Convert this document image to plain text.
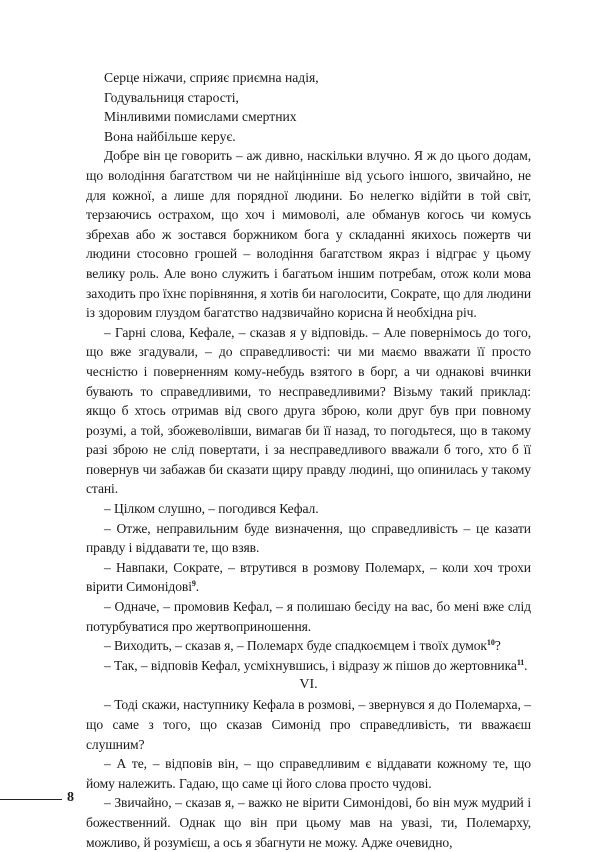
Серце ніжачи, сприяє приємна надія,

Годувальниця старості,

Мінливими помислами смертних

Вона найбільше керує.

Добре він це говорить – аж дивно, наскільки влучно. Я ж до цього додам, що володіння багатством чи не найцінніше від усього іншого, звичайно, не для кожної, а лише для порядної людини. Бо нелегко відійти в той світ, терзаючись острахом, що хоч і мимоволі, але обманув когось чи комусь збрехав або ж зостався боржником бога у складанні якихось пожертв чи людини стосовно грошей – володіння багатством якраз і відграє у цьому велику роль. Але воно служить і багатьом іншим потребам, отож коли мова заходить про їхнє порівняння, я хотів би наголосити, Сократе, що для людини із здоровим глуздом багатство надзвичайно корисна й необхідна річ.

– Гарні слова, Кефале, – сказав я у відповідь. – Але повернімось до того, що вже згадували, – до справедливості: чи ми маємо вважати її просто чесністю і поверненням кому-небудь взятого в борг, а чи однакові вчинки бувають то справедливими, то несправедливими? Візьму такий приклад: якщо б хтось отримав від свого друга зброю, коли друг був при повному розумі, а той, збожеволівши, вимагав би її назад, то погодьтеся, що в такому разі зброю не слід повертати, і за несправедливого вважали б того, хто б її повернув чи забажав би сказати щиру правду людині, що опинилась у такому стані.

– Цілком слушно, – погодився Кефал.

– Отже, неправильним буде визначення, що справедливість – це казати правду і віддавати те, що взяв.

– Навпаки, Сократе, – втрутився в розмову Полемарх, – коли хоч трохи вірити Симонідові$^9$.

– Одначе, – промовив Кефал, – я полишаю бесіду на вас, бо мені вже слід потурбуватися про жертвоприношення.

– Виходить, – сказав я, – Полемарх буде спадкоємцем і твоїх думок$^{10}$?

– Так, – відповів Кефал, усміхнувшись, і відразу ж пішов до жертовника$^{11}$.

VI.

– Тоді скажи, наступнику Кефала в розмові, – звернувся я до Полемарха, – що саме з того, що сказав Симонід про справедливість, ти вважаєш слушним?

– А те, – відповів він, – що справедливим є віддавати кожному те, що йому належить. Гадаю, що саме ці його слова просто чудові.

– Звичайно, – сказав я, – важко не вірити Симонідові, бо він муж мудрий і божественний. Однак що він при цьому мав на увазі, ти, Полемарху, можливо, й розумієш, а ось я збагнути не можу. Адже очевидно,

8
